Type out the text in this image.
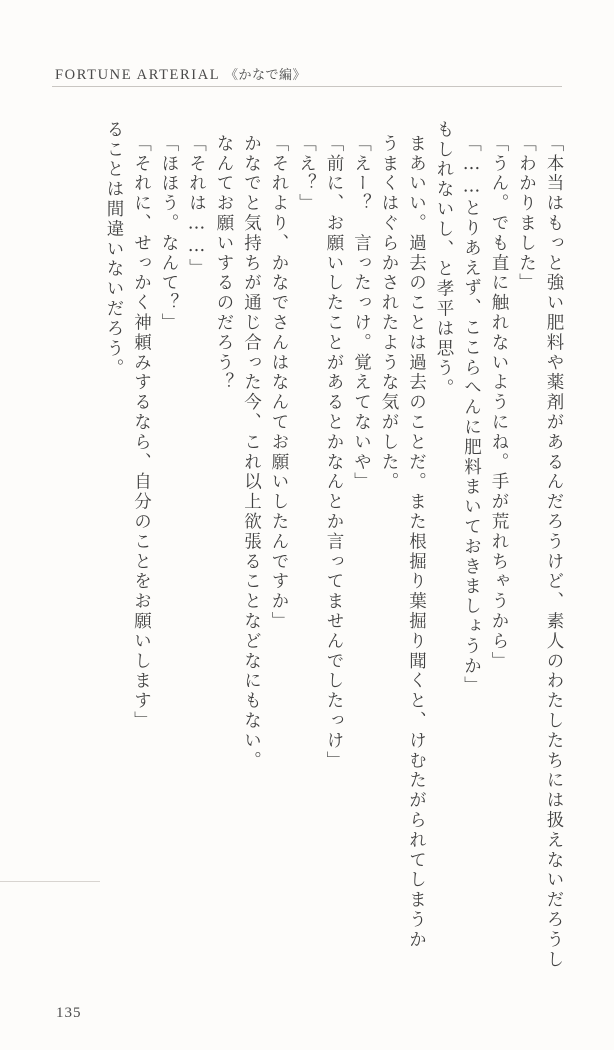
FORTUNE ARTERIAL 《かなで編》
ることは間違いないだろう。 「それに、せっかく神頼みするなら、自分のことをお願いします」 「ほほう。なんて？」 「それは……」 なんてお願いするのだろう？ かなでと気持ちが通じ合った今、これ以上欲張ることなどなにもない。 「それより、かなでさんはなんてお願いしたんですか」 「え？」 「前に、お願いしたことがあるとかなんとか言ってませんでしたっけ」 「えー？　言ったっけ。覚えてないや」 うまくはぐらかされたような気がした。 まあいい。過去のことは過去のことだ。また根掘り葉掘り聞くと、けむたがられてしまうか もしれないし、と孝平は思う。 「……とりあえず、ここらへんに肥料まいておきましょうか」 「うん。でも直に触れないようにね。手が荒れちゃうから」 「わかりました」 「本当はもっと強い肥料や薬剤があるんだろうけど、素人のわたしたちには扱えないだろうし
135
